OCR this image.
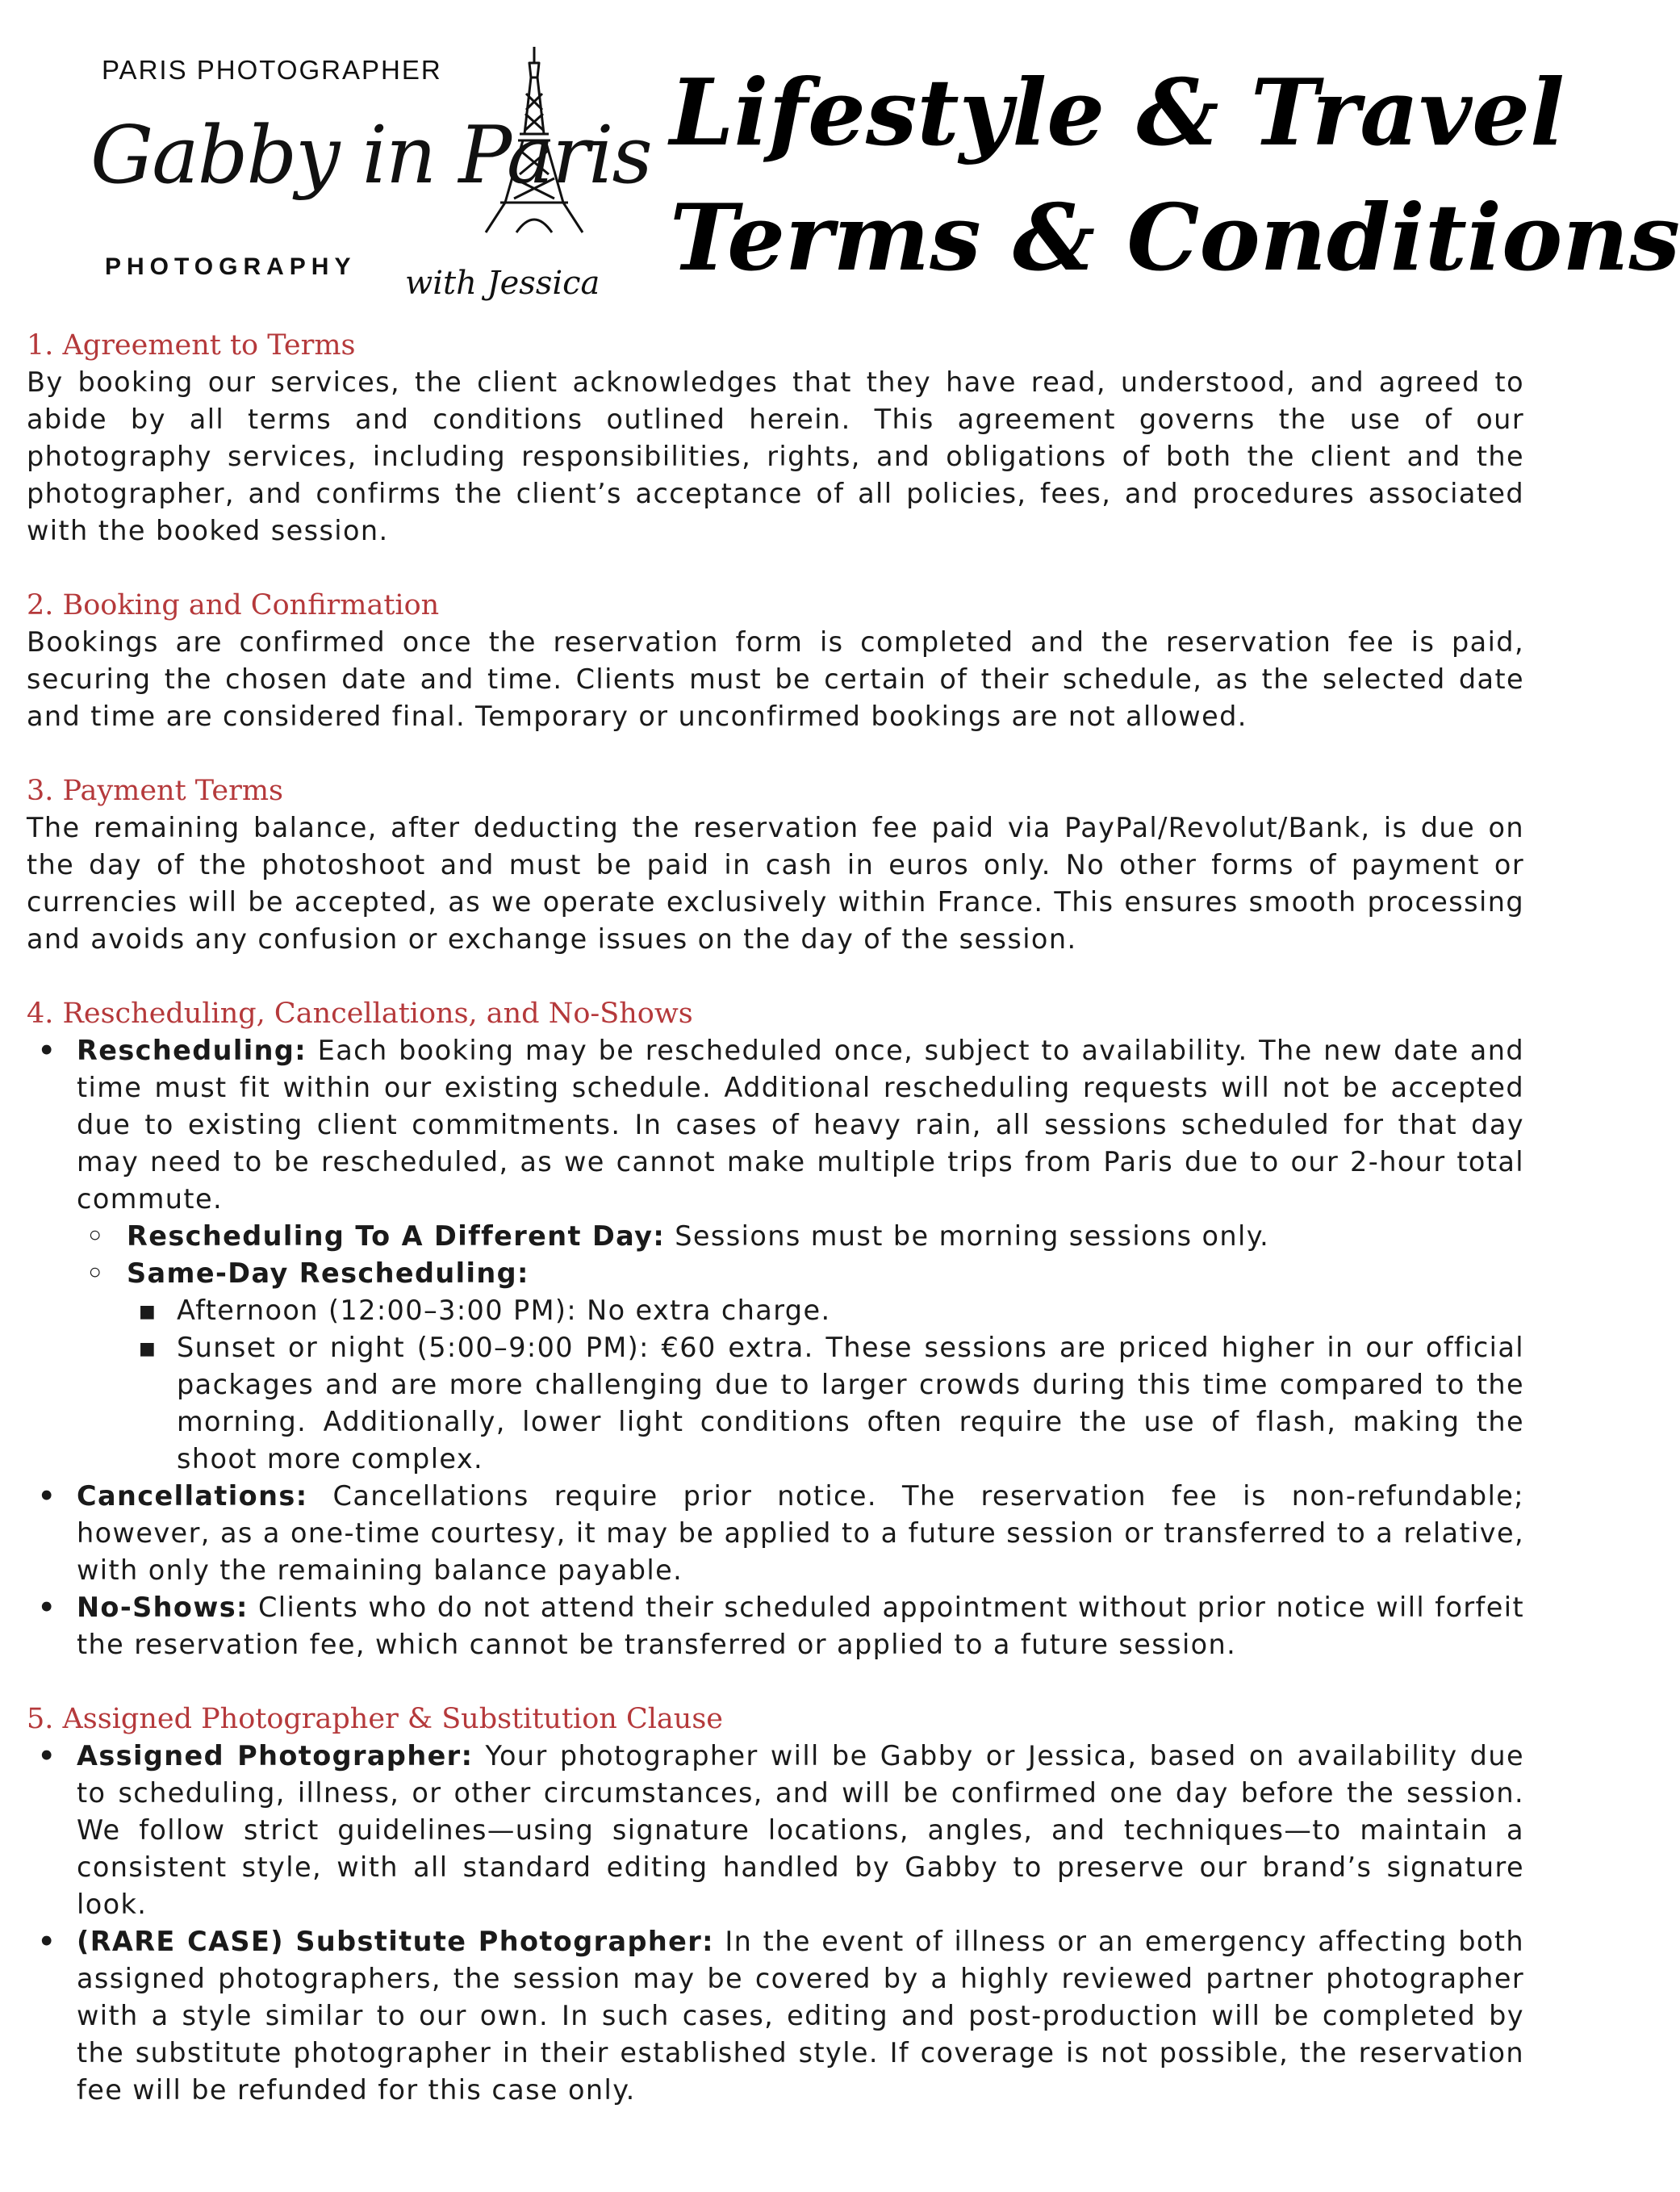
PARIS PHOTOGRAPHER
Gabby in Paris
PHOTOGRAPHY with Jessica
Lifestyle & Travel
Terms & Conditions
1. Agreement to Terms
By booking our services, the client acknowledges that they have read, understood, and agreed to abide by all terms and conditions outlined herein. This agreement governs the use of our photography services, including responsibilities, rights, and obligations of both the client and the photographer, and confirms the client’s acceptance of all policies, fees, and procedures associated with the booked session.
2. Booking and Confirmation
Bookings are confirmed once the reservation form is completed and the reservation fee is paid, securing the chosen date and time. Clients must be certain of their schedule, as the selected date and time are considered final. Temporary or unconfirmed bookings are not allowed.
3. Payment Terms
The remaining balance, after deducting the reservation fee paid via PayPal/Revolut/Bank, is due on the day of the photoshoot and must be paid in cash in euros only. No other forms of payment or currencies will be accepted, as we operate exclusively within France. This ensures smooth processing and avoids any confusion or exchange issues on the day of the session.
4. Rescheduling, Cancellations, and No-Shows
• Rescheduling: Each booking may be rescheduled once, subject to availability. The new date and time must fit within our existing schedule. Additional rescheduling requests will not be accepted due to existing client commitments. In cases of heavy rain, all sessions scheduled for that day may need to be rescheduled, as we cannot make multiple trips from Paris due to our 2-hour total commute.
◦ Rescheduling To A Different Day: Sessions must be morning sessions only.
◦ Same-Day Rescheduling:
▪ Afternoon (12:00–3:00 PM): No extra charge.
▪ Sunset or night (5:00–9:00 PM): €60 extra. These sessions are priced higher in our official packages and are more challenging due to larger crowds during this time compared to the morning. Additionally, lower light conditions often require the use of flash, making the shoot more complex.
• Cancellations: Cancellations require prior notice. The reservation fee is non-refundable; however, as a one-time courtesy, it may be applied to a future session or transferred to a relative, with only the remaining balance payable.
• No-Shows: Clients who do not attend their scheduled appointment without prior notice will forfeit the reservation fee, which cannot be transferred or applied to a future session.
5. Assigned Photographer & Substitution Clause
• Assigned Photographer: Your photographer will be Gabby or Jessica, based on availability due to scheduling, illness, or other circumstances, and will be confirmed one day before the session. We follow strict guidelines—using signature locations, angles, and techniques—to maintain a consistent style, with all standard editing handled by Gabby to preserve our brand’s signature look.
• (RARE CASE) Substitute Photographer: In the event of illness or an emergency affecting both assigned photographers, the session may be covered by a highly reviewed partner photographer with a style similar to our own. In such cases, editing and post-production will be completed by the substitute photographer in their established style. If coverage is not possible, the reservation fee will be refunded for this case only.
